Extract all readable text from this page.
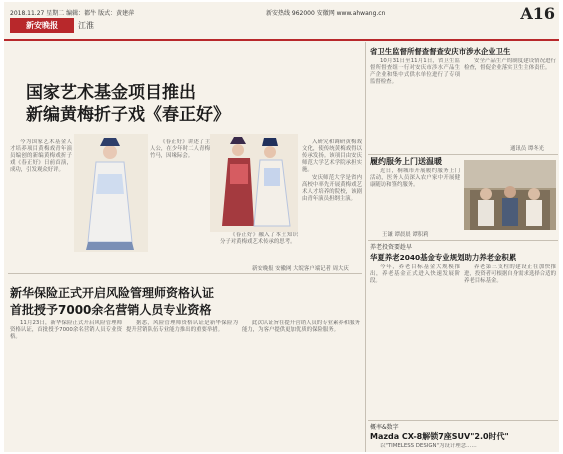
2018.11.27 星期二 编辑：都牛 版式：黄建萍
新安晚报	江淮
新安热线 962000 安徽网 www.ahwang.cn	A16
国家艺术基金项目推出
新编黄梅折子戏《春正好》

今为国家艺术基金人才培养项目黄梅戏青年演员编创的新编黄梅戏折子戏《春正好》日前首演，成功，引发观众好评。

《春正好》讲述了主人公，在少年时二人青梅竹马，因缘际会。

《春正好》融入了本土知识分子对黄梅戏艺术传承的思考。

入研究和调研黄梅戏文化，使传统黄梅戏得以传承发扬。该项目由安庆师范大学艺术学院承担实施。

安庆师范大学是省内高校中率先开展黄梅戏艺术人才培养的院校，该剧由青年演员担纲主演。

新安晚报 安徽网 大皖客户端记者 周大庆
新华保险正式开启风险管理师资格认证
首批授予7000余名营销人员专业资格

11月23日，新华保险正式开启风险管理师资格认证，首批授予7000余名营销人员专业资格。

据悉，风险管理师资格认证是新华保险为提升营销队伍专业能力推出的重要举措。

此次认证旨在提升营销人员的专业素养和服务能力，为客户提供更加优质的保险服务。

省卫生监督所督查督查安庆市涉水企业卫生

10月31日至11月1日，省卫生监督所督查组一行对安庆市涉水产品生产企业和集中式供水单位进行了专项监督检查。

安全产品生产的制度建设情况进行检查，督促企业落实卫生主体责任。

通讯员 谭冬光
履约服务上门送温暖

近日，桐城市开展履约服务上门活动，医务人员深入农户家中开展健康随访和签约服务。

王谦 谭晨晨 谭积莉
养老投资要趁早
华夏养老2040基金专业规划助力养老金积累

今年，养老目标基金大规模推出，养老基金正式进入快速发展阶段。

养老第三支柱的建设正在加快推进，投资者可根据自身需求选择合适的养老目标基金。

概率&数字
Mazda CX-8解锁7座SUV"2.0时代"

以"TIMELESS DESIGN"为设计理念……
